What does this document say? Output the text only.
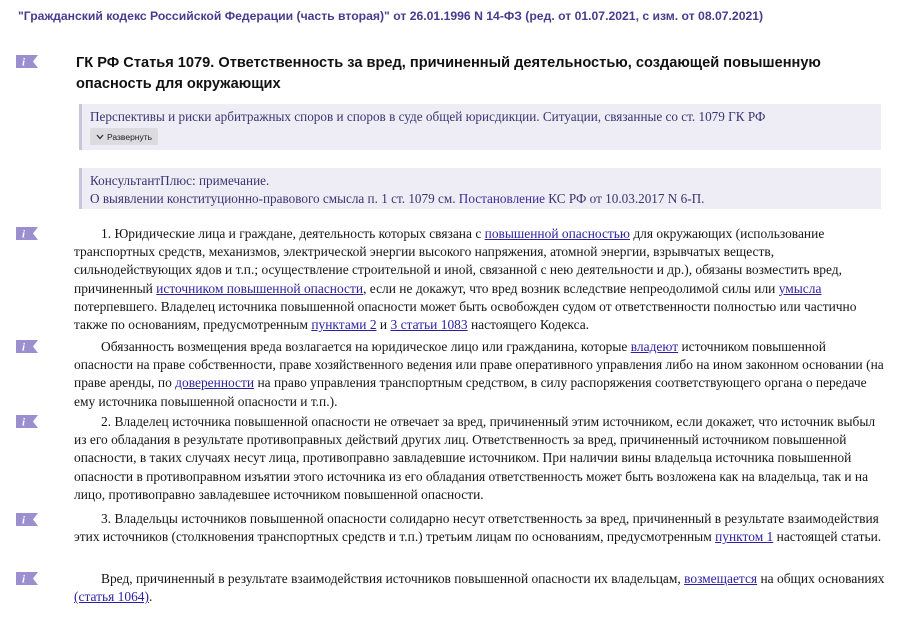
"Гражданский кодекс Российской Федерации (часть вторая)" от 26.01.1996 N 14-ФЗ (ред. от 01.07.2021, с изм. от 08.07.2021)
i
i
i
i
i
i
ГК РФ Статья 1079. Ответственность за вред, причиненный деятельностью, создающей повышенную опасность для окружающих
Перспективы и риски арбитражных споров и споров в суде общей юрисдикции. Ситуации, связанные со ст. 1079 ГК РФ
Развернуть
КонсультантПлюс: примечание.
О выявлении конституционно-правового смысла п. 1 ст. 1079 см. Постановление КС РФ от 10.03.2017 N 6-П.
1. Юридические лица и граждане, деятельность которых связана с повышенной опасностью для окружающих (использование транспортных средств, механизмов, электрической энергии высокого напряжения, атомной энергии, взрывчатых веществ, сильнодействующих ядов и т.п.; осуществление строительной и иной, связанной с нею деятельности и др.), обязаны возместить вред, причиненный источником повышенной опасности, если не докажут, что вред возник вследствие непреодолимой силы или умысла потерпевшего. Владелец источника повышенной опасности может быть освобожден судом от ответственности полностью или частично также по основаниям, предусмотренным пунктами 2 и 3 статьи 1083 настоящего Кодекса.
Обязанность возмещения вреда возлагается на юридическое лицо или гражданина, которые владеют источником повышенной опасности на праве собственности, праве хозяйственного ведения или праве оперативного управления либо на ином законном основании (на праве аренды, по доверенности на право управления транспортным средством, в силу распоряжения соответствующего органа о передаче ему источника повышенной опасности и т.п.).
2. Владелец источника повышенной опасности не отвечает за вред, причиненный этим источником, если докажет, что источник выбыл из его обладания в результате противоправных действий других лиц. Ответственность за вред, причиненный источником повышенной опасности, в таких случаях несут лица, противоправно завладевшие источником. При наличии вины владельца источника повышенной опасности в противоправном изъятии этого источника из его обладания ответственность может быть возложена как на владельца, так и на лицо, противоправно завладевшее источником повышенной опасности.
3. Владельцы источников повышенной опасности солидарно несут ответственность за вред, причиненный в результате взаимодействия этих источников (столкновения транспортных средств и т.п.) третьим лицам по основаниям, предусмотренным пунктом 1 настоящей статьи.
Вред, причиненный в результате взаимодействия источников повышенной опасности их владельцам, возмещается на общих основаниях (статья 1064).
